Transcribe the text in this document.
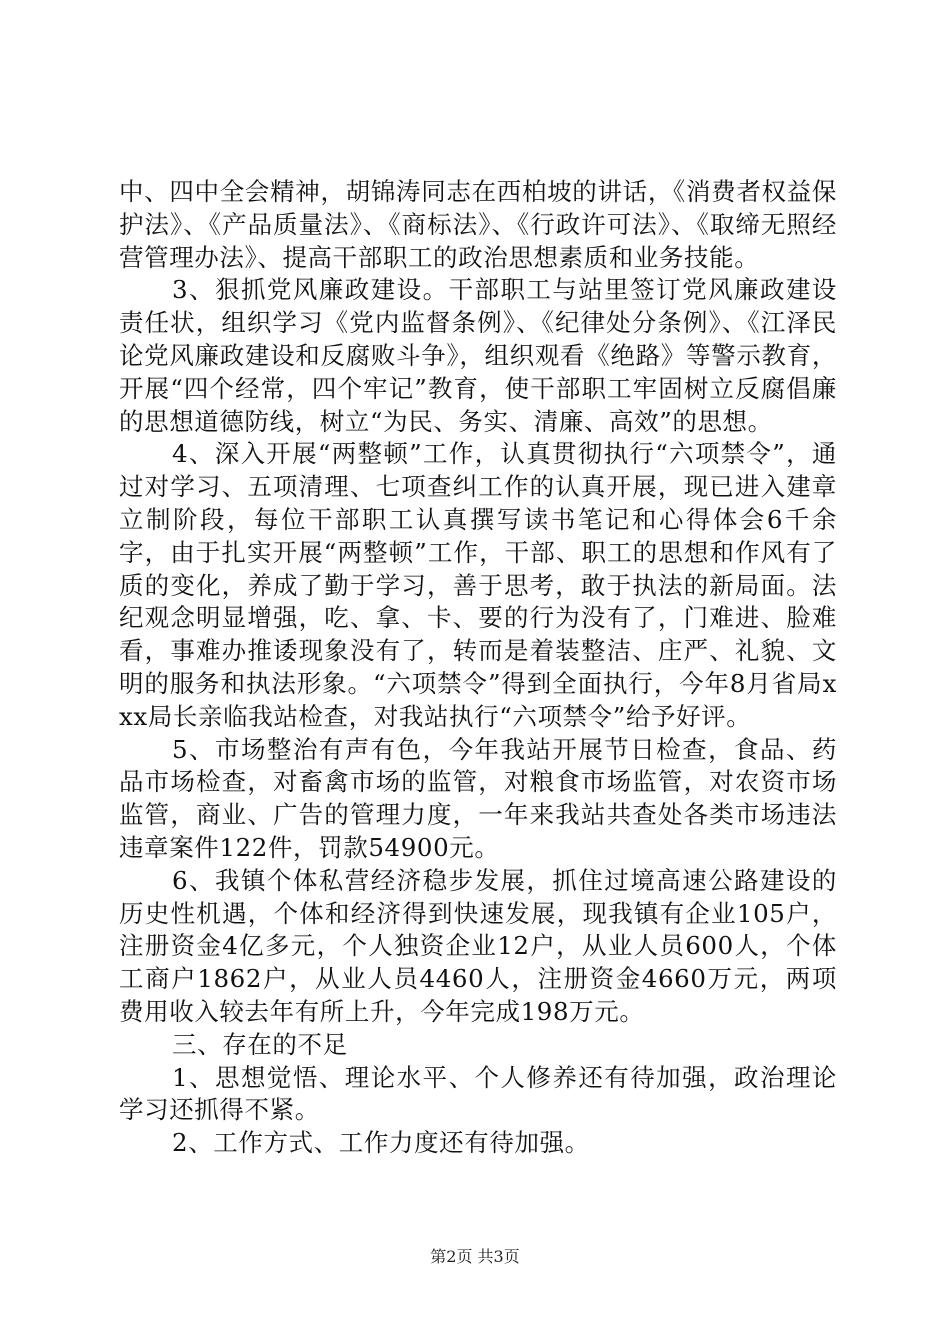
中、四中全会精神，胡锦涛同志在西柏坡的讲话，《消费者权益保护法》、《产品质量法》、《商标法》、《行政许可法》、《取缔无照经营管理办法》、提高干部职工的政治思想素质和业务技能。

3、狠抓党风廉政建设。干部职工与站里签订党风廉政建设责任状，组织学习《党内监督条例》、《纪律处分条例》、《江泽民论党风廉政建设和反腐败斗争》，组织观看《绝路》等警示教育，开展“四个经常，四个牢记”教育，使干部职工牢固树立反腐倡廉的思想道德防线，树立“为民、务实、清廉、高效”的思想。

4、深入开展“两整顿”工作，认真贯彻执行“六项禁令”，通过对学习、五项清理、七项查纠工作的认真开展，现已进入建章立制阶段，每位干部职工认真撰写读书笔记和心得体会6千余字，由于扎实开展“两整顿”工作，干部、职工的思想和作风有了质的变化，养成了勤于学习，善于思考，敢于执法的新局面。法纪观念明显增强，吃、拿、卡、要的行为没有了，门难进、脸难看，事难办推诿现象没有了，转而是着装整洁、庄严、礼貌、文明的服务和执法形象。“六项禁令”得到全面执行，今年8月省局xxx局长亲临我站检查，对我站执行“六项禁令”给予好评。

5、市场整治有声有色，今年我站开展节日检查，食品、药品市场检查，对畜禽市场的监管，对粮食市场监管，对农资市场监管，商业、广告的管理力度，一年来我站共查处各类市场违法违章案件122件，罚款54900元。

6、我镇个体私营经济稳步发展，抓住过境高速公路建设的历史性机遇，个体和经济得到快速发展，现我镇有企业105户，注册资金4亿多元，个人独资企业12户，从业人员600人，个体工商户1862户，从业人员4460人，注册资金4660万元，两项费用收入较去年有所上升，今年完成198万元。

三、存在的不足

1、思想觉悟、理论水平、个人修养还有待加强，政治理论学习还抓得不紧。

2、工作方式、工作力度还有待加强。

第2页 共3页
